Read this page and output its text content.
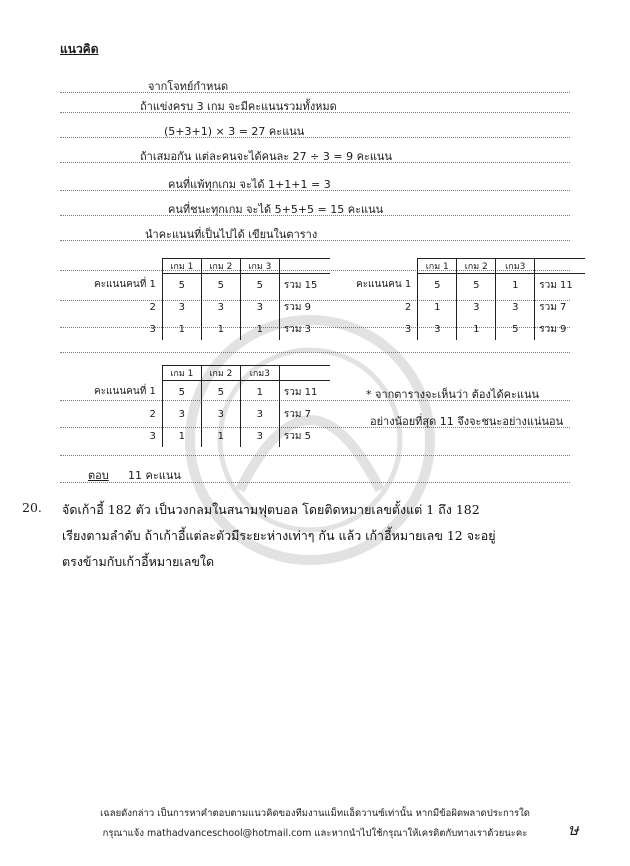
แนวคิด
จากโจทย์กำหนด
ถ้าแข่งครบ 3 เกม จะมีคะแนนรวมทั้งหมด
(5+3+1) × 3 = 27 คะแนน
ถ้าเสมอกัน แต่ละคนจะได้คนละ 27 ÷ 3 = 9 คะแนน
คนที่แพ้ทุกเกม จะได้ 1+1+1 = 3
คนที่ชนะทุกเกม จะได้ 5+5+5 = 15 คะแนน
นำคะแนนที่เป็นไปได้ เขียนในตาราง
	เกม 1	เกม 2	เกม 3	
คะแนนคนที่ 1	5	5	5	รวม 15
2	3	3	3	รวม 9
3	1	1	1	รวม 3
	เกม 1	เกม 2	เกม3	
คะแนนคน 1	5	5	1	รวม 11
2	1	3	3	รวม 7
3	3	1	5	รวม 9
	เกม 1	เกม 2	เกม3	
คะแนนคนที่ 1	5	5	1	รวม 11
2	3	3	3	รวม 7
3	1	1	3	รวม 5
* จากตารางจะเห็นว่า ต้องได้คะแนน
อย่างน้อยที่สุด 11 จึงจะชนะอย่างแน่นอน
ตอบ 11 คะแนน
20. จัดเก้าอี้ 182 ตัว เป็นวงกลมในสนามฟุตบอล โดยติดหมายเลขตั้งแต่ 1 ถึง 182
เรียงตามลำดับ ถ้าเก้าอี้แต่ละตัวมีระยะห่างเท่าๆ กัน แล้ว เก้าอี้หมายเลข 12 จะอยู่
ตรงข้ามกับเก้าอี้หมายเลขใด
เฉลยดังกล่าว เป็นการหาคำตอบตามแนวคิดของทีมงานแม็ทแอ็ดวานซ์เท่านั้น หากมีข้อผิดพลาดประการใด
กรุณาแจ้ง mathadvanceschool@hotmail.com และหากนำไปใช้กรุณาให้เครดิตกับทางเราด้วยนะคะ	ษ
